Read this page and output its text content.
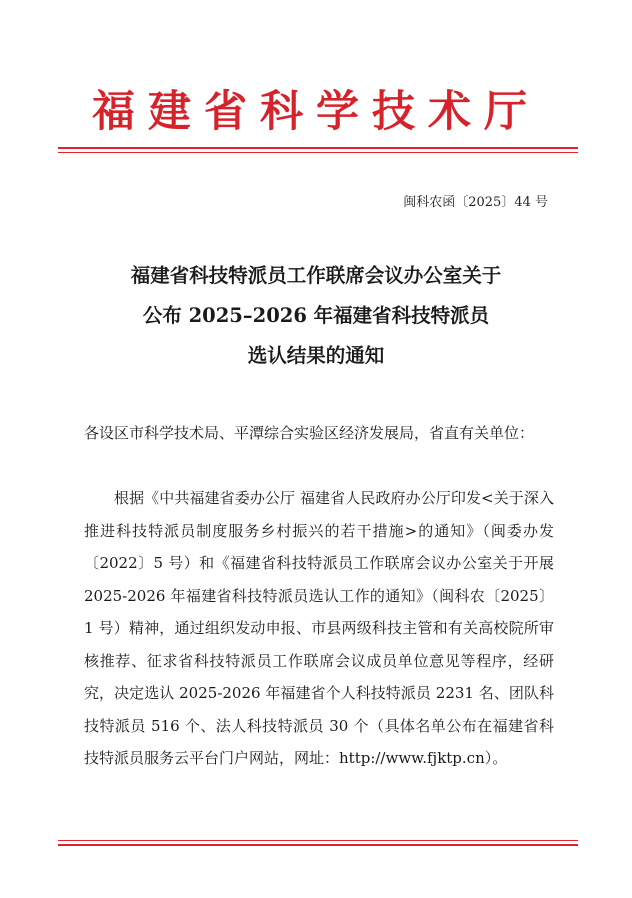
福建省科学技术厅
闽科农函〔2025〕44 号
福建省科技特派员工作联席会议办公室关于
公布 2025–2026 年福建省科技特派员
选认结果的通知
各设区市科学技术局、平潭综合实验区经济发展局，省直有关单位：
根据《中共福建省委办公厅 福建省人民政府办公厅印发<关于深入推进科技特派员制度服务乡村振兴的若干措施>的通知》（闽委办发〔2022〕5 号）和《福建省科技特派员工作联席会议办公室关于开展 2025-2026 年福建省科技特派员选认工作的通知》（闽科农〔2025〕1 号）精神，通过组织发动申报、市县两级科技主管和有关高校院所审核推荐、征求省科技特派员工作联席会议成员单位意见等程序，经研究，决定选认 2025-2026 年福建省个人科技特派员 2231 名、团队科技特派员 516 个、法人科技特派员 30 个（具体名单公布在福建省科技特派员服务云平台门户网站，网址：http://www.fjktp.cn）。
